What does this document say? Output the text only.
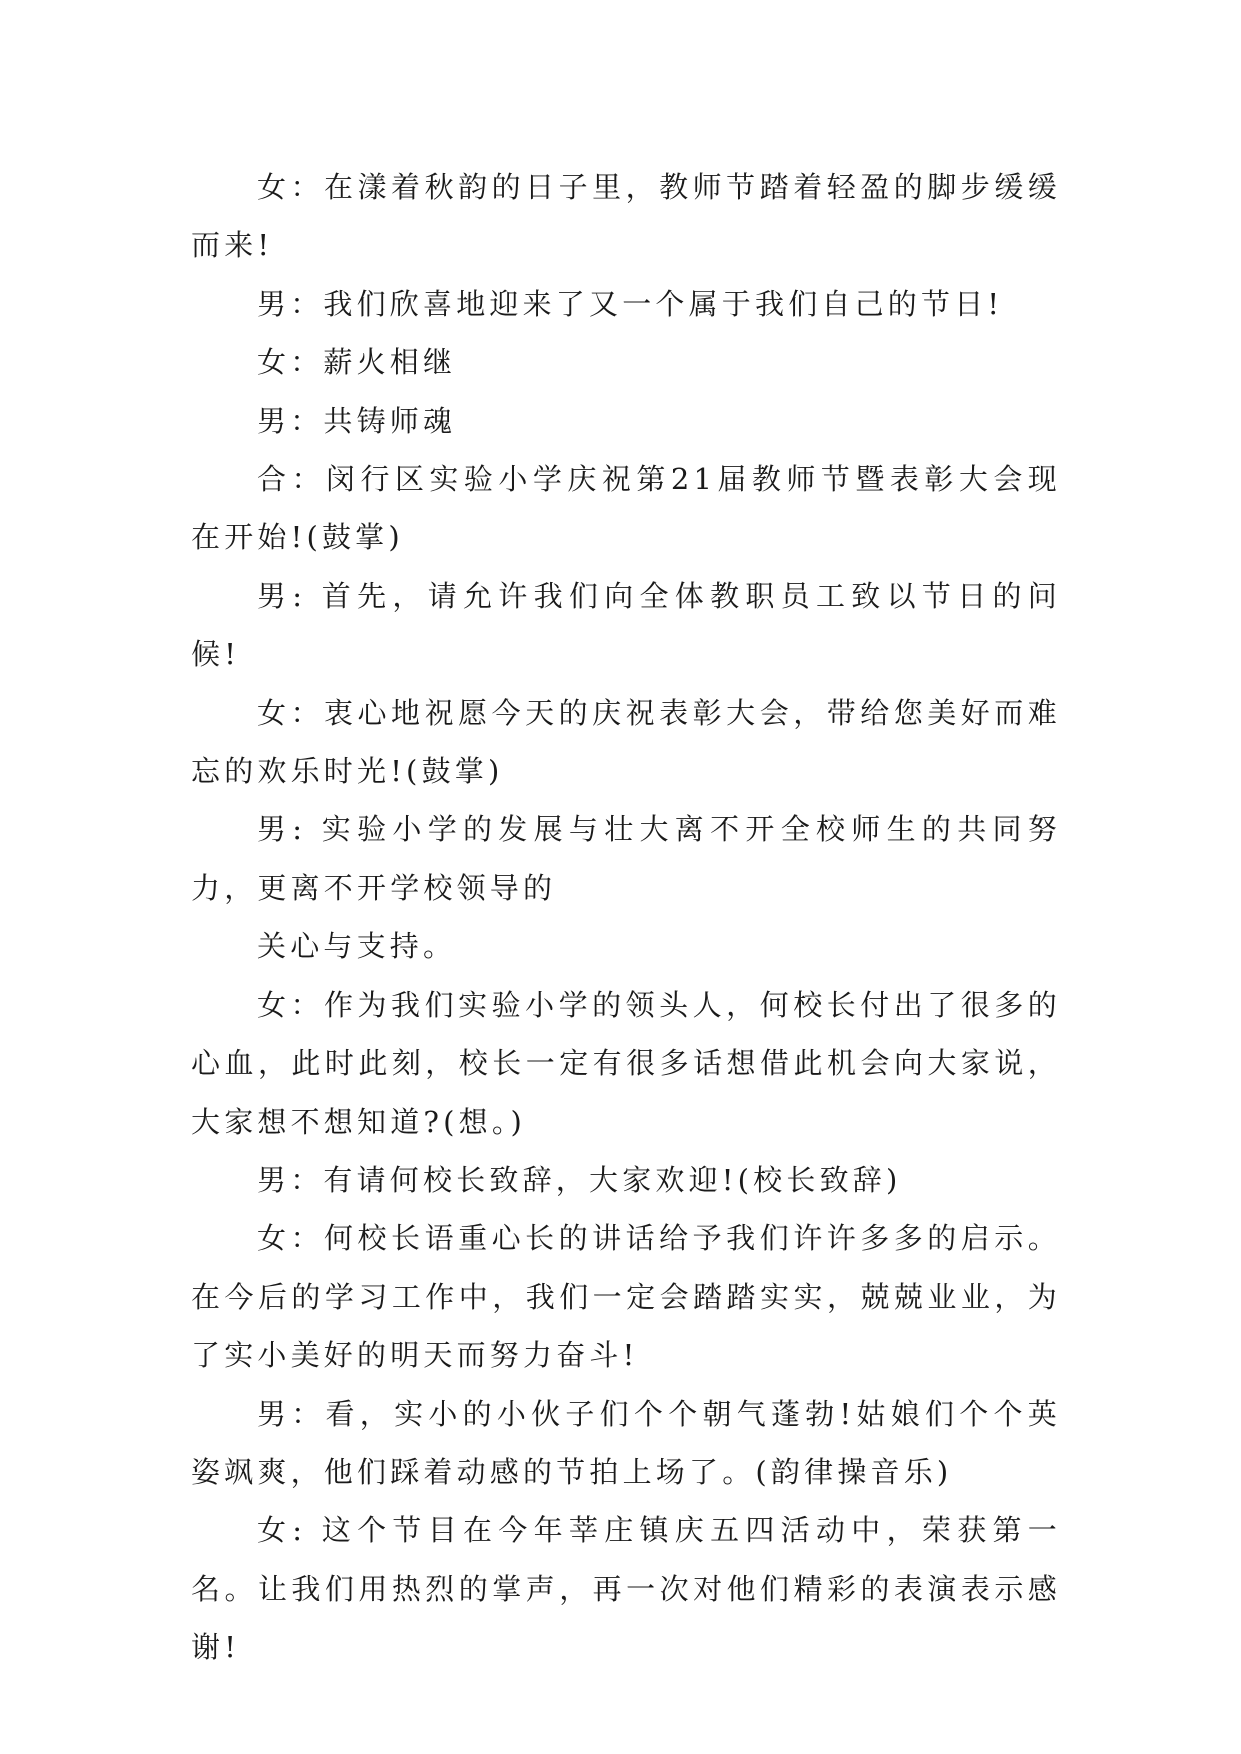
女：在漾着秋韵的日子里，教师节踏着轻盈的脚步缓缓而来!

男：我们欣喜地迎来了又一个属于我们自己的节日!

女：薪火相继

男：共铸师魂

合：闵行区实验小学庆祝第21届教师节暨表彰大会现在开始!(鼓掌)

男: 首先，请允许我们向全体教职员工致以节日的问候!

女：衷心地祝愿今天的庆祝表彰大会，带给您美好而难忘的欢乐时光!(鼓掌)

男: 实验小学的发展与壮大离不开全校师生的共同努力，更离不开学校领导的

关心与支持。

女：作为我们实验小学的领头人，何校长付出了很多的心血，此时此刻，校长一定有很多话想借此机会向大家说，大家想不想知道?(想。)

男：有请何校长致辞，大家欢迎!(校长致辞)

女：何校长语重心长的讲话给予我们许许多多的启示。在今后的学习工作中，我们一定会踏踏实实，兢兢业业，为了实小美好的明天而努力奋斗!

男：看，实小的小伙子们个个朝气蓬勃!姑娘们个个英姿飒爽，他们踩着动感的节拍上场了。(韵律操音乐)

女: 这个节目在今年莘庄镇庆五四活动中，荣获第一名。让我们用热烈的掌声，再一次对他们精彩的表演表示感谢!
